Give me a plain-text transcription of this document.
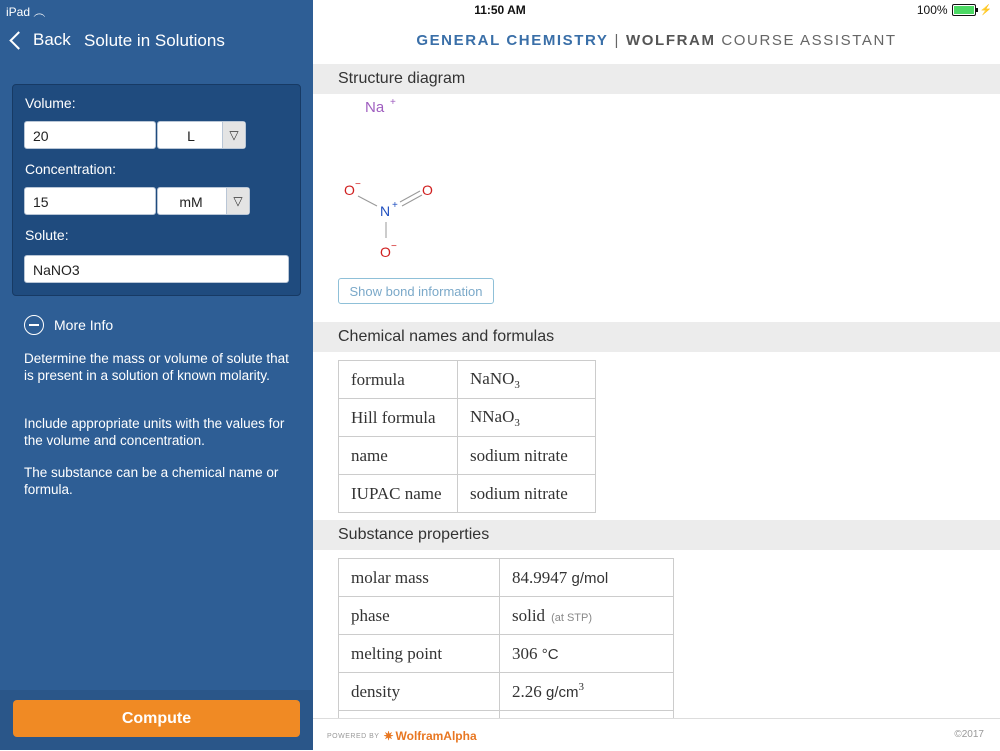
Back Solute in Solutions
Volume:
20	L	▽
Concentration:
15	mM	▽
Solute:
NaNO3
More Info
Determine the mass or volume of solute that is present in a solution of known molarity.
Include appropriate units with the values for the volume and concentration.
The substance can be a chemical name or formula.
Compute
GENERAL CHEMISTRY | WOLFRAM COURSE ASSISTANT
Structure diagram
Na +
O −
N +
O
O −
Show bond information
Chemical names and formulas
formula	NaNO$_3$
Hill formula	NNaO$_3$
name	sodium nitrate
IUPAC name	sodium nitrate
Substance properties
molar mass	84.9947 g/mol
phase	solid (at STP)
melting point	306 °C
density	2.26 $g/cm^3$

POWERED BY ✷ WolframAlpha	©2017
iPad ︵	11:50 AM	100%	⚡
